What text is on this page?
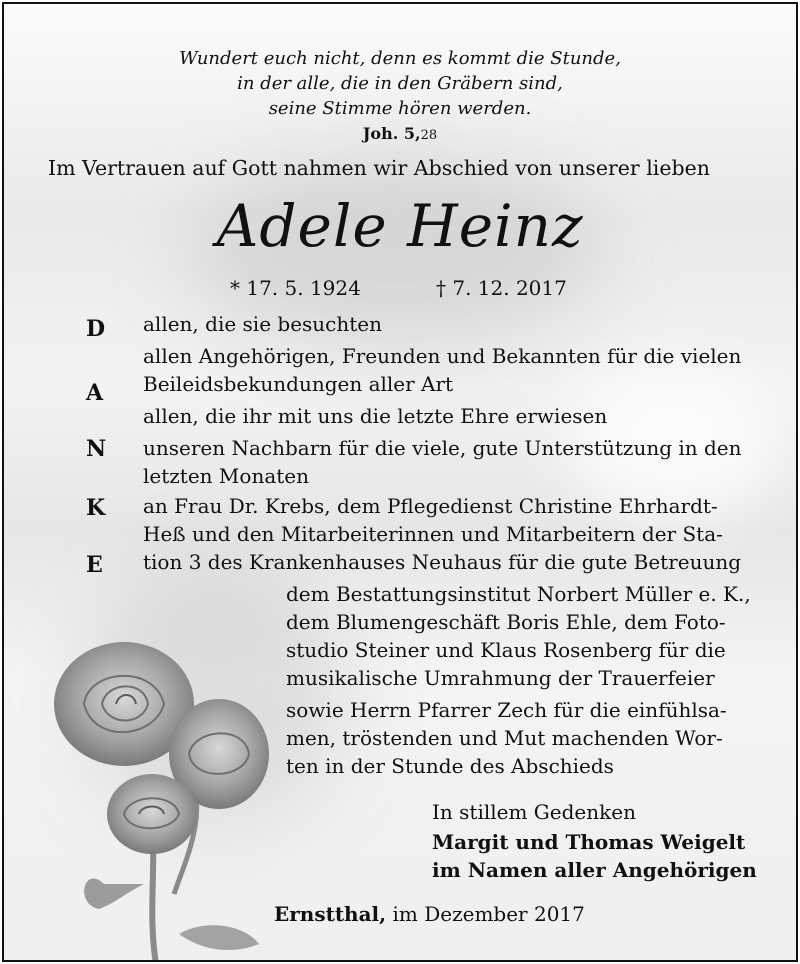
Wundert euch nicht, denn es kommt die Stunde,
in der alle, die in den Gräbern sind,
seine Stimme hören werden.
Joh. 5,28
Im Vertrauen auf Gott nahmen wir Abschied von unserer lieben
Adele Heinz
* 17. 5. 1924	† 7. 12. 2017
D
A
N
K
E
allen, die sie besuchten
allen Angehörigen, Freunden und Bekannten für die vielen
Beileidsbekundungen aller Art
allen, die ihr mit uns die letzte Ehre erwiesen
unseren Nachbarn für die viele, gute Unterstützung in den
letzten Monaten
an Frau Dr. Krebs, dem Pflegedienst Christine Ehrhardt-
Heß und den Mitarbeiterinnen und Mitarbeitern der Sta-
tion 3 des Krankenhauses Neuhaus für die gute Betreuung
dem Bestattungsinstitut Norbert Müller e. K.,
dem Blumengeschäft Boris Ehle, dem Foto-
studio Steiner und Klaus Rosenberg für die
musikalische Umrahmung der Trauerfeier
sowie Herrn Pfarrer Zech für die einfühlsa-
men, tröstenden und Mut machenden Wor-
ten in der Stunde des Abschieds
In stillem Gedenken
Margit und Thomas Weigelt
im Namen aller Angehörigen
Ernstthal, im Dezember 2017
